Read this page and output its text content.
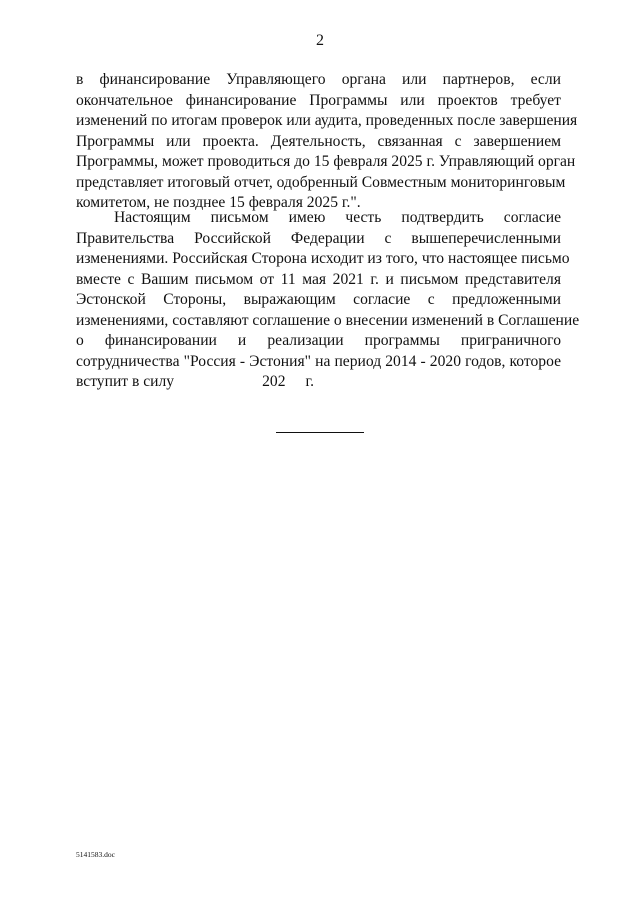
2
в финансирование Управляющего органа или партнеров, если
окончательное финансирование Программы или проектов требует
изменений по итогам проверок или аудита, проведенных после завершения
Программы или проекта. Деятельность, связанная с завершением
Программы, может проводиться до 15 февраля 2025 г. Управляющий орган
представляет итоговый отчет, одобренный Совместным мониторинговым
комитетом, не позднее 15 февраля 2025 г.".
Настоящим письмом имею честь подтвердить согласие
Правительства Российской Федерации с вышеперечисленными
изменениями. Российская Сторона исходит из того, что настоящее письмо
вместе с Вашим письмом от 11 мая 2021 г. и письмом представителя
Эстонской Стороны, выражающим согласие с предложенными
изменениями, составляют соглашение о внесении изменений в Соглашение
о финансировании и реализации программы приграничного
сотрудничества "Россия - Эстония" на период 2014 - 2020 годов, которое
вступит в силу	202 г.
5141583.doc
